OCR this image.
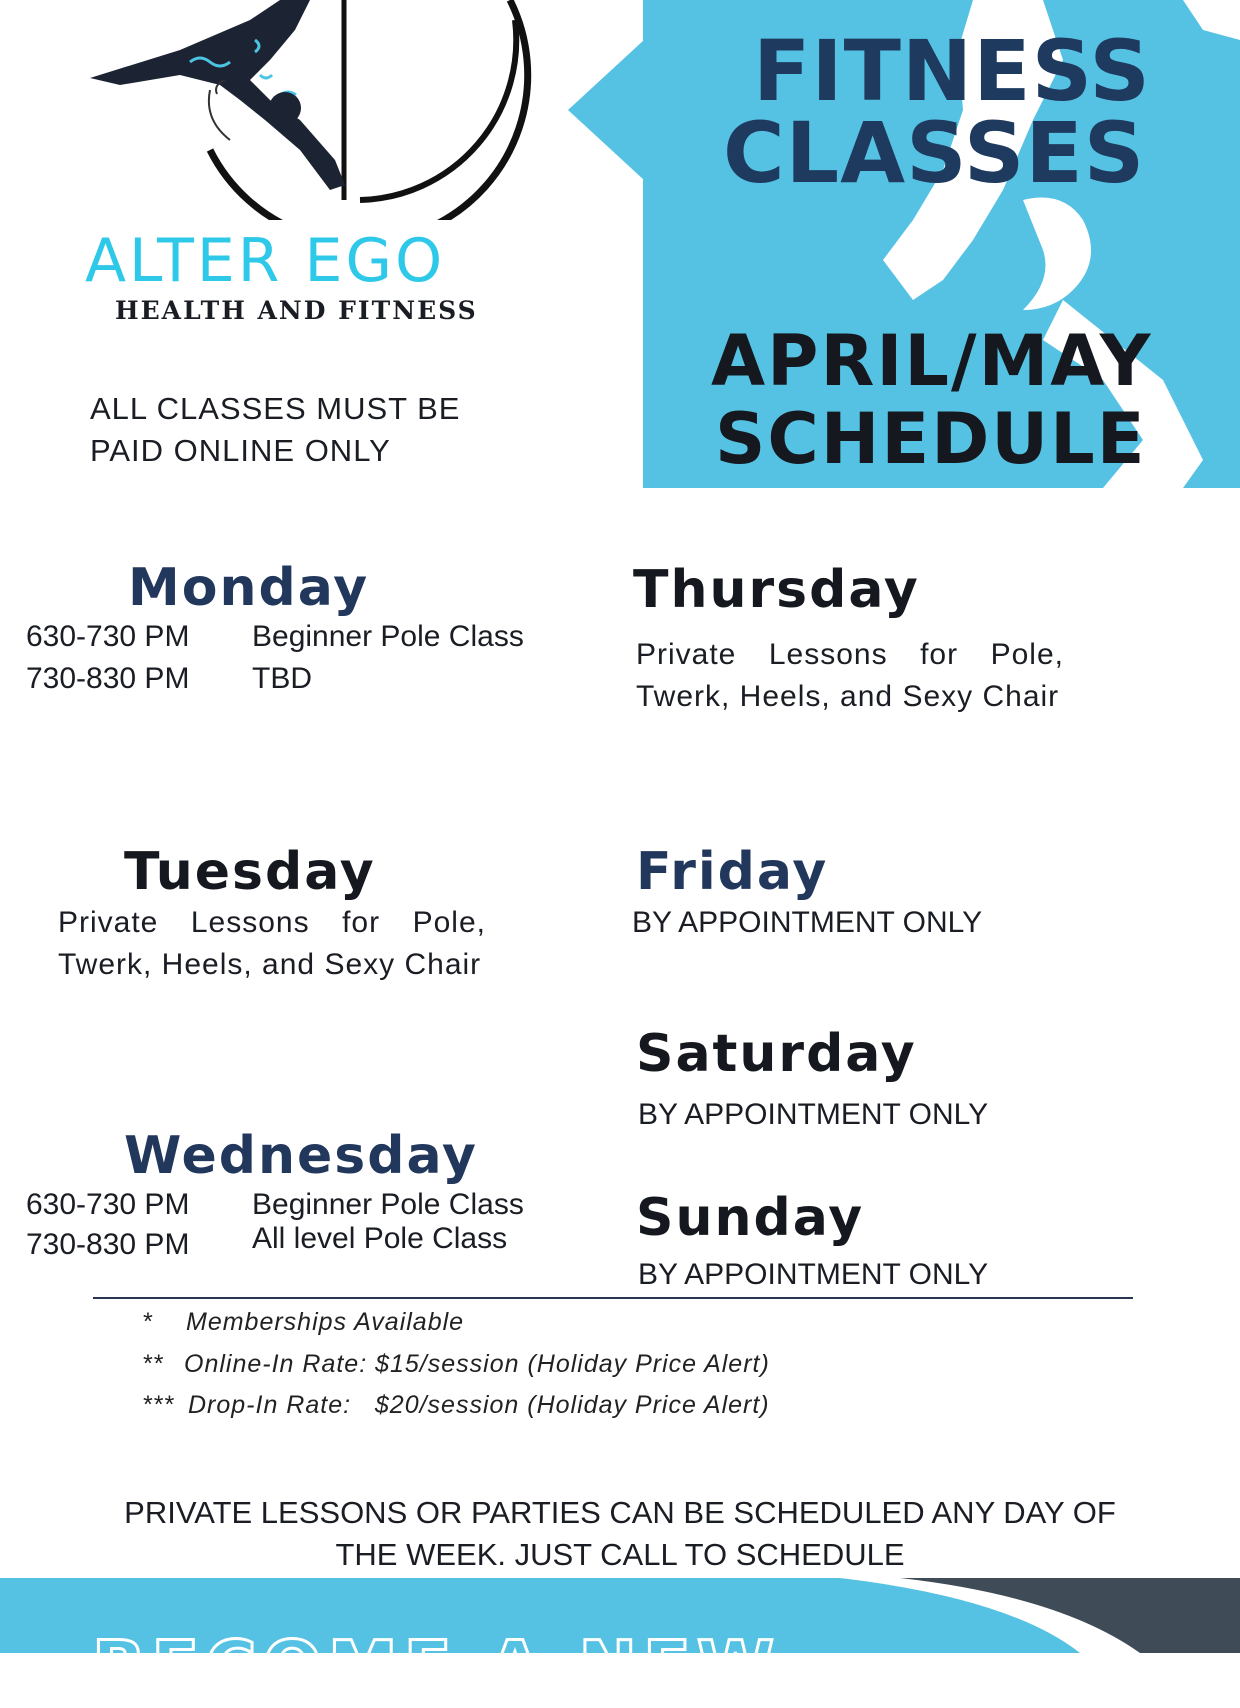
ALTER EGO
HEALTH AND FITNESS
ALL CLASSES MUST BE
PAID ONLINE ONLY
FITNESS
CLASSES
APRIL/MAY
SCHEDULE
Monday
630-730 PM Beginner Pole Class
730-830 PM TBD
Tuesday
Private Lessons for Pole, Twerk, Heels, and Sexy Chair
Wednesday
630-730 PM Beginner Pole Class
730-830 PM All level Pole Class
Thursday
Private Lessons for Pole, Twerk, Heels, and Sexy Chair
Friday
BY APPOINTMENT ONLY
Saturday
BY APPOINTMENT ONLY
Sunday
BY APPOINTMENT ONLY
* Memberships Available
** Online-In Rate: $15/session (Holiday Price Alert)
*** Drop-In Rate:   $20/session (Holiday Price Alert)
PRIVATE LESSONS OR PARTIES CAN BE SCHEDULED ANY DAY OF
THE WEEK. JUST CALL TO SCHEDULE
BECOME A NEW
